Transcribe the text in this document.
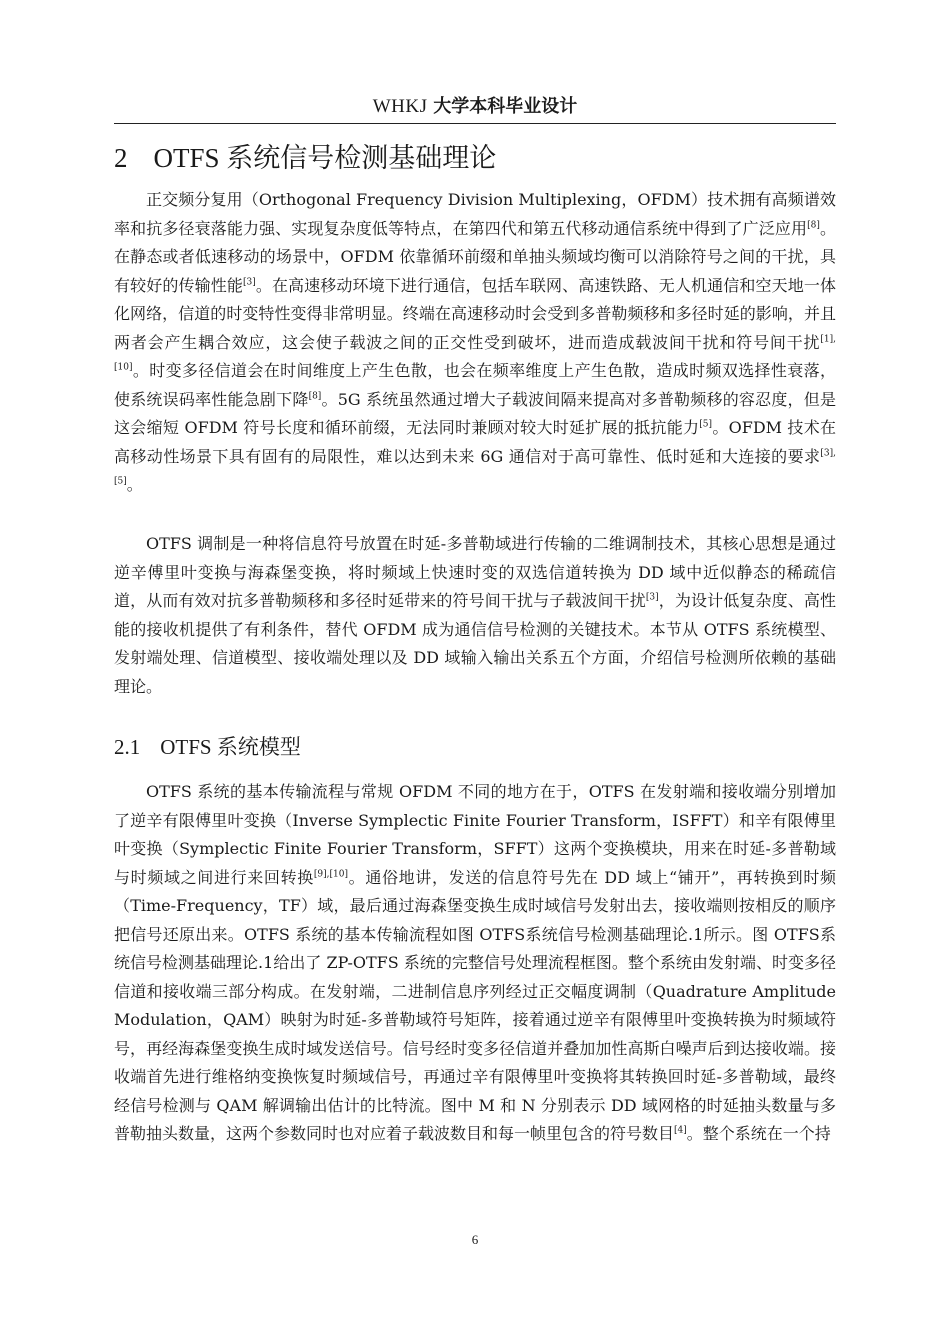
WHKJ 大学本科毕业设计
2 OTFS 系统信号检测基础理论

正交频分复用（Orthogonal Frequency Division Multiplexing，OFDM）技术拥有高频谱效率和抗多径衰落能力强、实现复杂度低等特点，在第四代和第五代移动通信系统中得到了广泛应用[8]。在静态或者低速移动的场景中，OFDM 依靠循环前缀和单抽头频域均衡可以消除符号之间的干扰，具有较好的传输性能[3]。在高速移动环境下进行通信，包括车联网、高速铁路、无人机通信和空天地一体化网络，信道的时变特性变得非常明显。终端在高速移动时会受到多普勒频移和多径时延的影响，并且两者会产生耦合效应，这会使子载波之间的正交性受到破坏，进而造成载波间干扰和符号间干扰[1],[10]。时变多径信道会在时间维度上产生色散，也会在频率维度上产生色散，造成时频双选择性衰落，使系统误码率性能急剧下降[8]。5G 系统虽然通过增大子载波间隔来提高对多普勒频移的容忍度，但是这会缩短 OFDM 符号长度和循环前缀，无法同时兼顾对较大时延扩展的抵抗能力[5]。OFDM 技术在高移动性场景下具有固有的局限性，难以达到未来 6G 通信对于高可靠性、低时延和大连接的要求[3],[5]。

OTFS 调制是一种将信息符号放置在时延-多普勒域进行传输的二维调制技术，其核心思想是通过逆辛傅里叶变换与海森堡变换，将时频域上快速时变的双选信道转换为 DD 域中近似静态的稀疏信道，从而有效对抗多普勒频移和多径时延带来的符号间干扰与子载波间干扰[3]，为设计低复杂度、高性能的接收机提供了有利条件，替代 OFDM 成为通信信号检测的关键技术。本节从 OTFS 系统模型、发射端处理、信道模型、接收端处理以及 DD 域输入输出关系五个方面，介绍信号检测所依赖的基础理论。

2.1 OTFS 系统模型

OTFS 系统的基本传输流程与常规 OFDM 不同的地方在于，OTFS 在发射端和接收端分别增加了逆辛有限傅里叶变换（Inverse Symplectic Finite Fourier Transform，ISFFT）和辛有限傅里叶变换（Symplectic Finite Fourier Transform，SFFT）这两个变换模块，用来在时延-多普勒域与时频域之间进行来回转换[9],[10]。通俗地讲，发送的信息符号先在 DD 域上“铺开”，再转换到时频（Time-Frequency，TF）域，最后通过海森堡变换生成时域信号发射出去，接收端则按相反的顺序把信号还原出来。OTFS 系统的基本传输流程如图 OTFS系统信号检测基础理论.1所示。图 OTFS系统信号检测基础理论.1给出了 ZP-OTFS 系统的完整信号处理流程框图。整个系统由发射端、时变多径信道和接收端三部分构成。在发射端，二进制信息序列经过正交幅度调制（Quadrature Amplitude Modulation，QAM）映射为时延-多普勒域符号矩阵，接着通过逆辛有限傅里叶变换转换为时频域符号，再经海森堡变换生成时域发送信号。信号经时变多径信道并叠加加性高斯白噪声后到达接收端。接收端首先进行维格纳变换恢复时频域信号，再通过辛有限傅里叶变换将其转换回时延-多普勒域，最终经信号检测与 QAM 解调输出估计的比特流。图中 M 和 N 分别表示 DD 域网格的时延抽头数量与多普勒抽头数量，这两个参数同时也对应着子载波数目和每一帧里包含的符号数目[4]。整个系统在一个持

6
